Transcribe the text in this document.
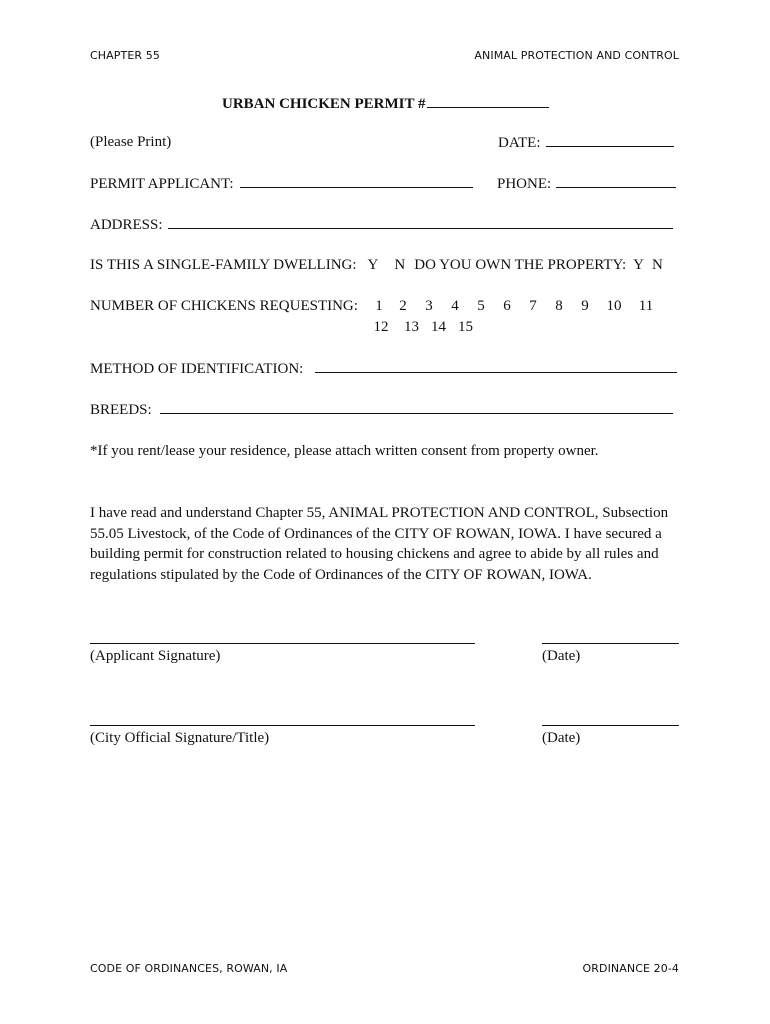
CHAPTER 55	ANIMAL PROTECTION AND CONTROL
URBAN CHICKEN PERMIT #
(Please Print)	DATE:
PERMIT APPLICANT:	PHONE:
ADDRESS:
IS THIS A SINGLE-FAMILY DWELLING: Y N DO YOU OWN THE PROPERTY: Y N
NUMBER OF CHICKENS REQUESTING: 1	2	3	4	5	6	7	8	9	10	11
12	13 14 15
METHOD OF IDENTIFICATION:
BREEDS:
*If you rent/lease your residence, please attach written consent from property owner.
I have read and understand Chapter 55, ANIMAL PROTECTION AND CONTROL, Subsection
55.05 Livestock, of the Code of Ordinances of the CITY OF ROWAN, IOWA. I have secured a
building permit for construction related to housing chickens and agree to abide by all rules and
regulations stipulated by the Code of Ordinances of the CITY OF ROWAN, IOWA.
(Applicant Signature)	(Date)
(City Official Signature/Title)	(Date)
CODE OF ORDINANCES, ROWAN, IA	ORDINANCE 20-4
